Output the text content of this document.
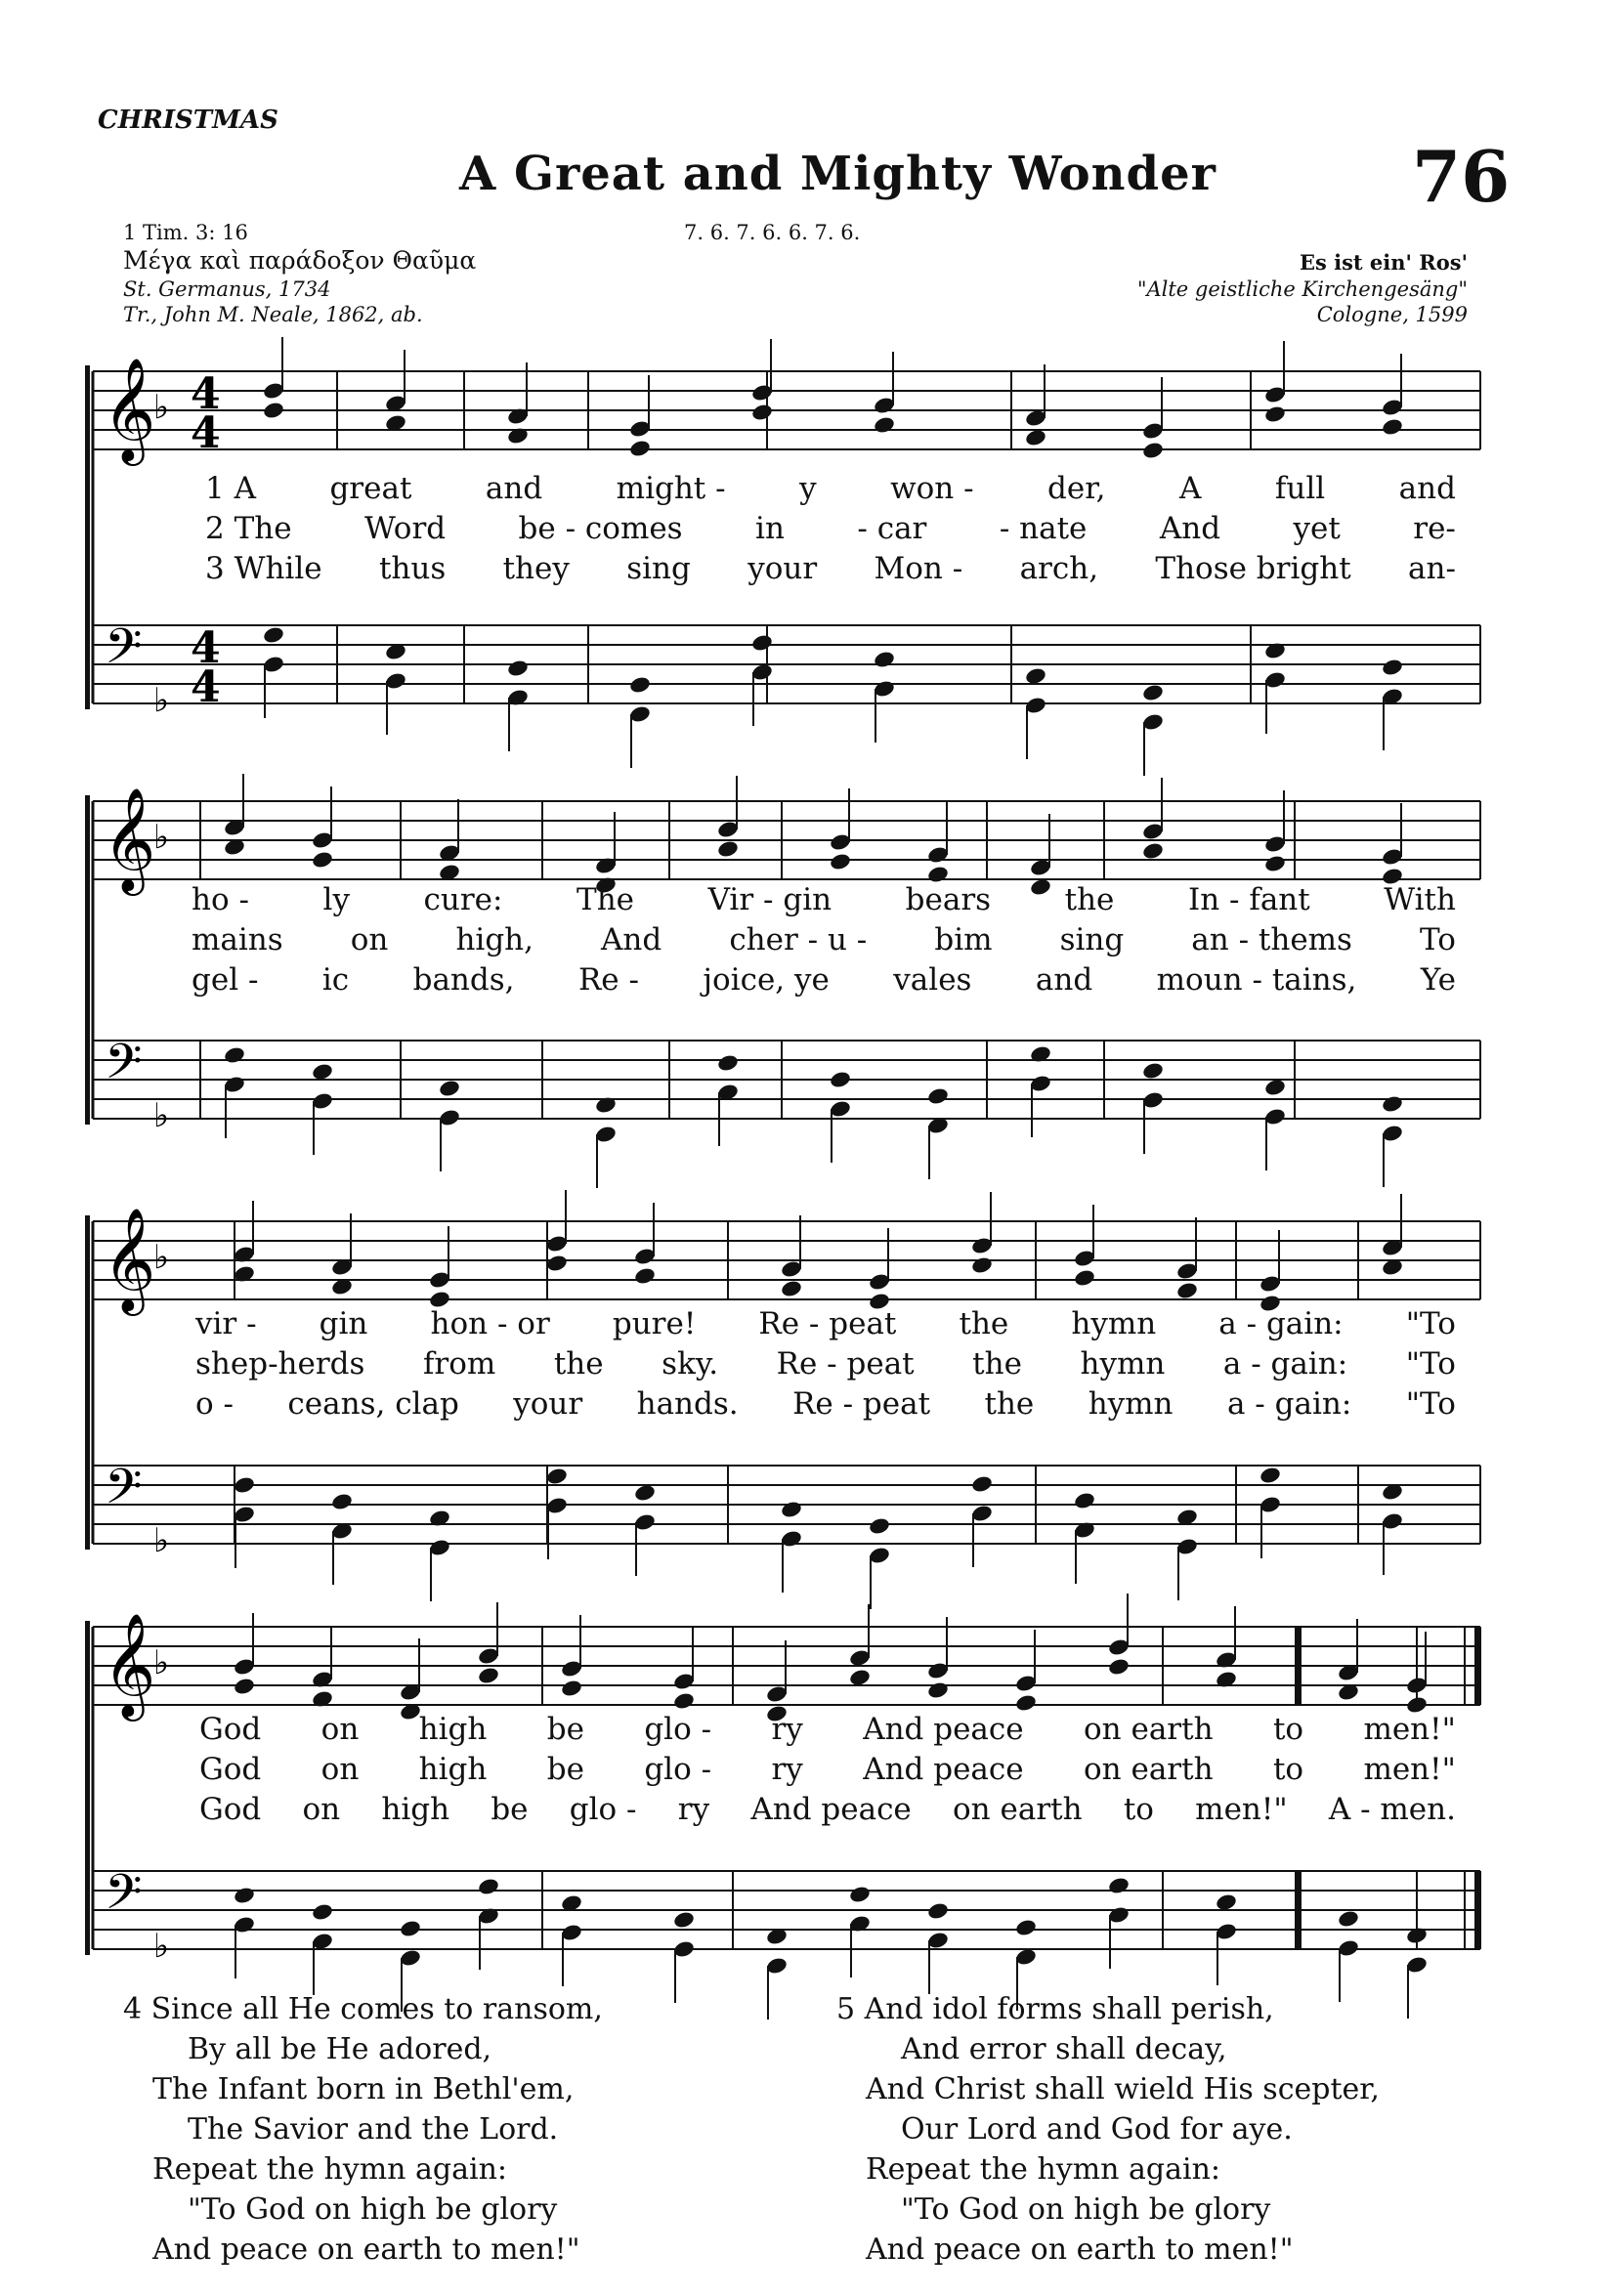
CHRISTMAS
A Great and Mighty Wonder	76
1 Tim. 3: 16	7. 6. 7. 6. 6. 7. 6.
Μέγα καὶ παράδοξον Θαῦμα
St. Germanus, 1734
Tr., John M. Neale, 1862, ab.
Es ist ein' Ros'
"Alte geistliche Kirchengesäng"
Cologne, 1599
𝄞
𝄢
♭
♭
4
4
4
4
𝄞
𝄢
♭
♭
𝄞
𝄢
♭
♭
𝄞
𝄢
♭
♭
1 A great and might - y won - der, A full and
2 The Word be - comes in - car - nate And yet re-
3 While thus they sing your Mon - arch, Those bright an-
ho - ly cure: The Vir - gin bears the In - fant With
mains on high, And cher - u - bim sing an - thems To
gel - ic bands, Re - joice, ye vales and moun - tains, Ye
vir - gin hon - or pure! Re - peat the hymn a - gain: "To
shep-herds from the sky. Re - peat the hymn a - gain: "To
o - ceans, clap your hands. Re - peat the hymn a - gain: "To
God on high be glo - ry And peace on earth to men!"
God on high be glo - ry And peace on earth to men!"
God on high be glo - ry And peace on earth to men!" A - men.
4 Since all He comes to ransom,
By all be He adored,
The Infant born in Bethl'em,
The Savior and the Lord.
Repeat the hymn again:
"To God on high be glory
And peace on earth to men!"
5 And idol forms shall perish,
And error shall decay,
And Christ shall wield His scepter,
Our Lord and God for aye.
Repeat the hymn again:
"To God on high be glory
And peace on earth to men!"
